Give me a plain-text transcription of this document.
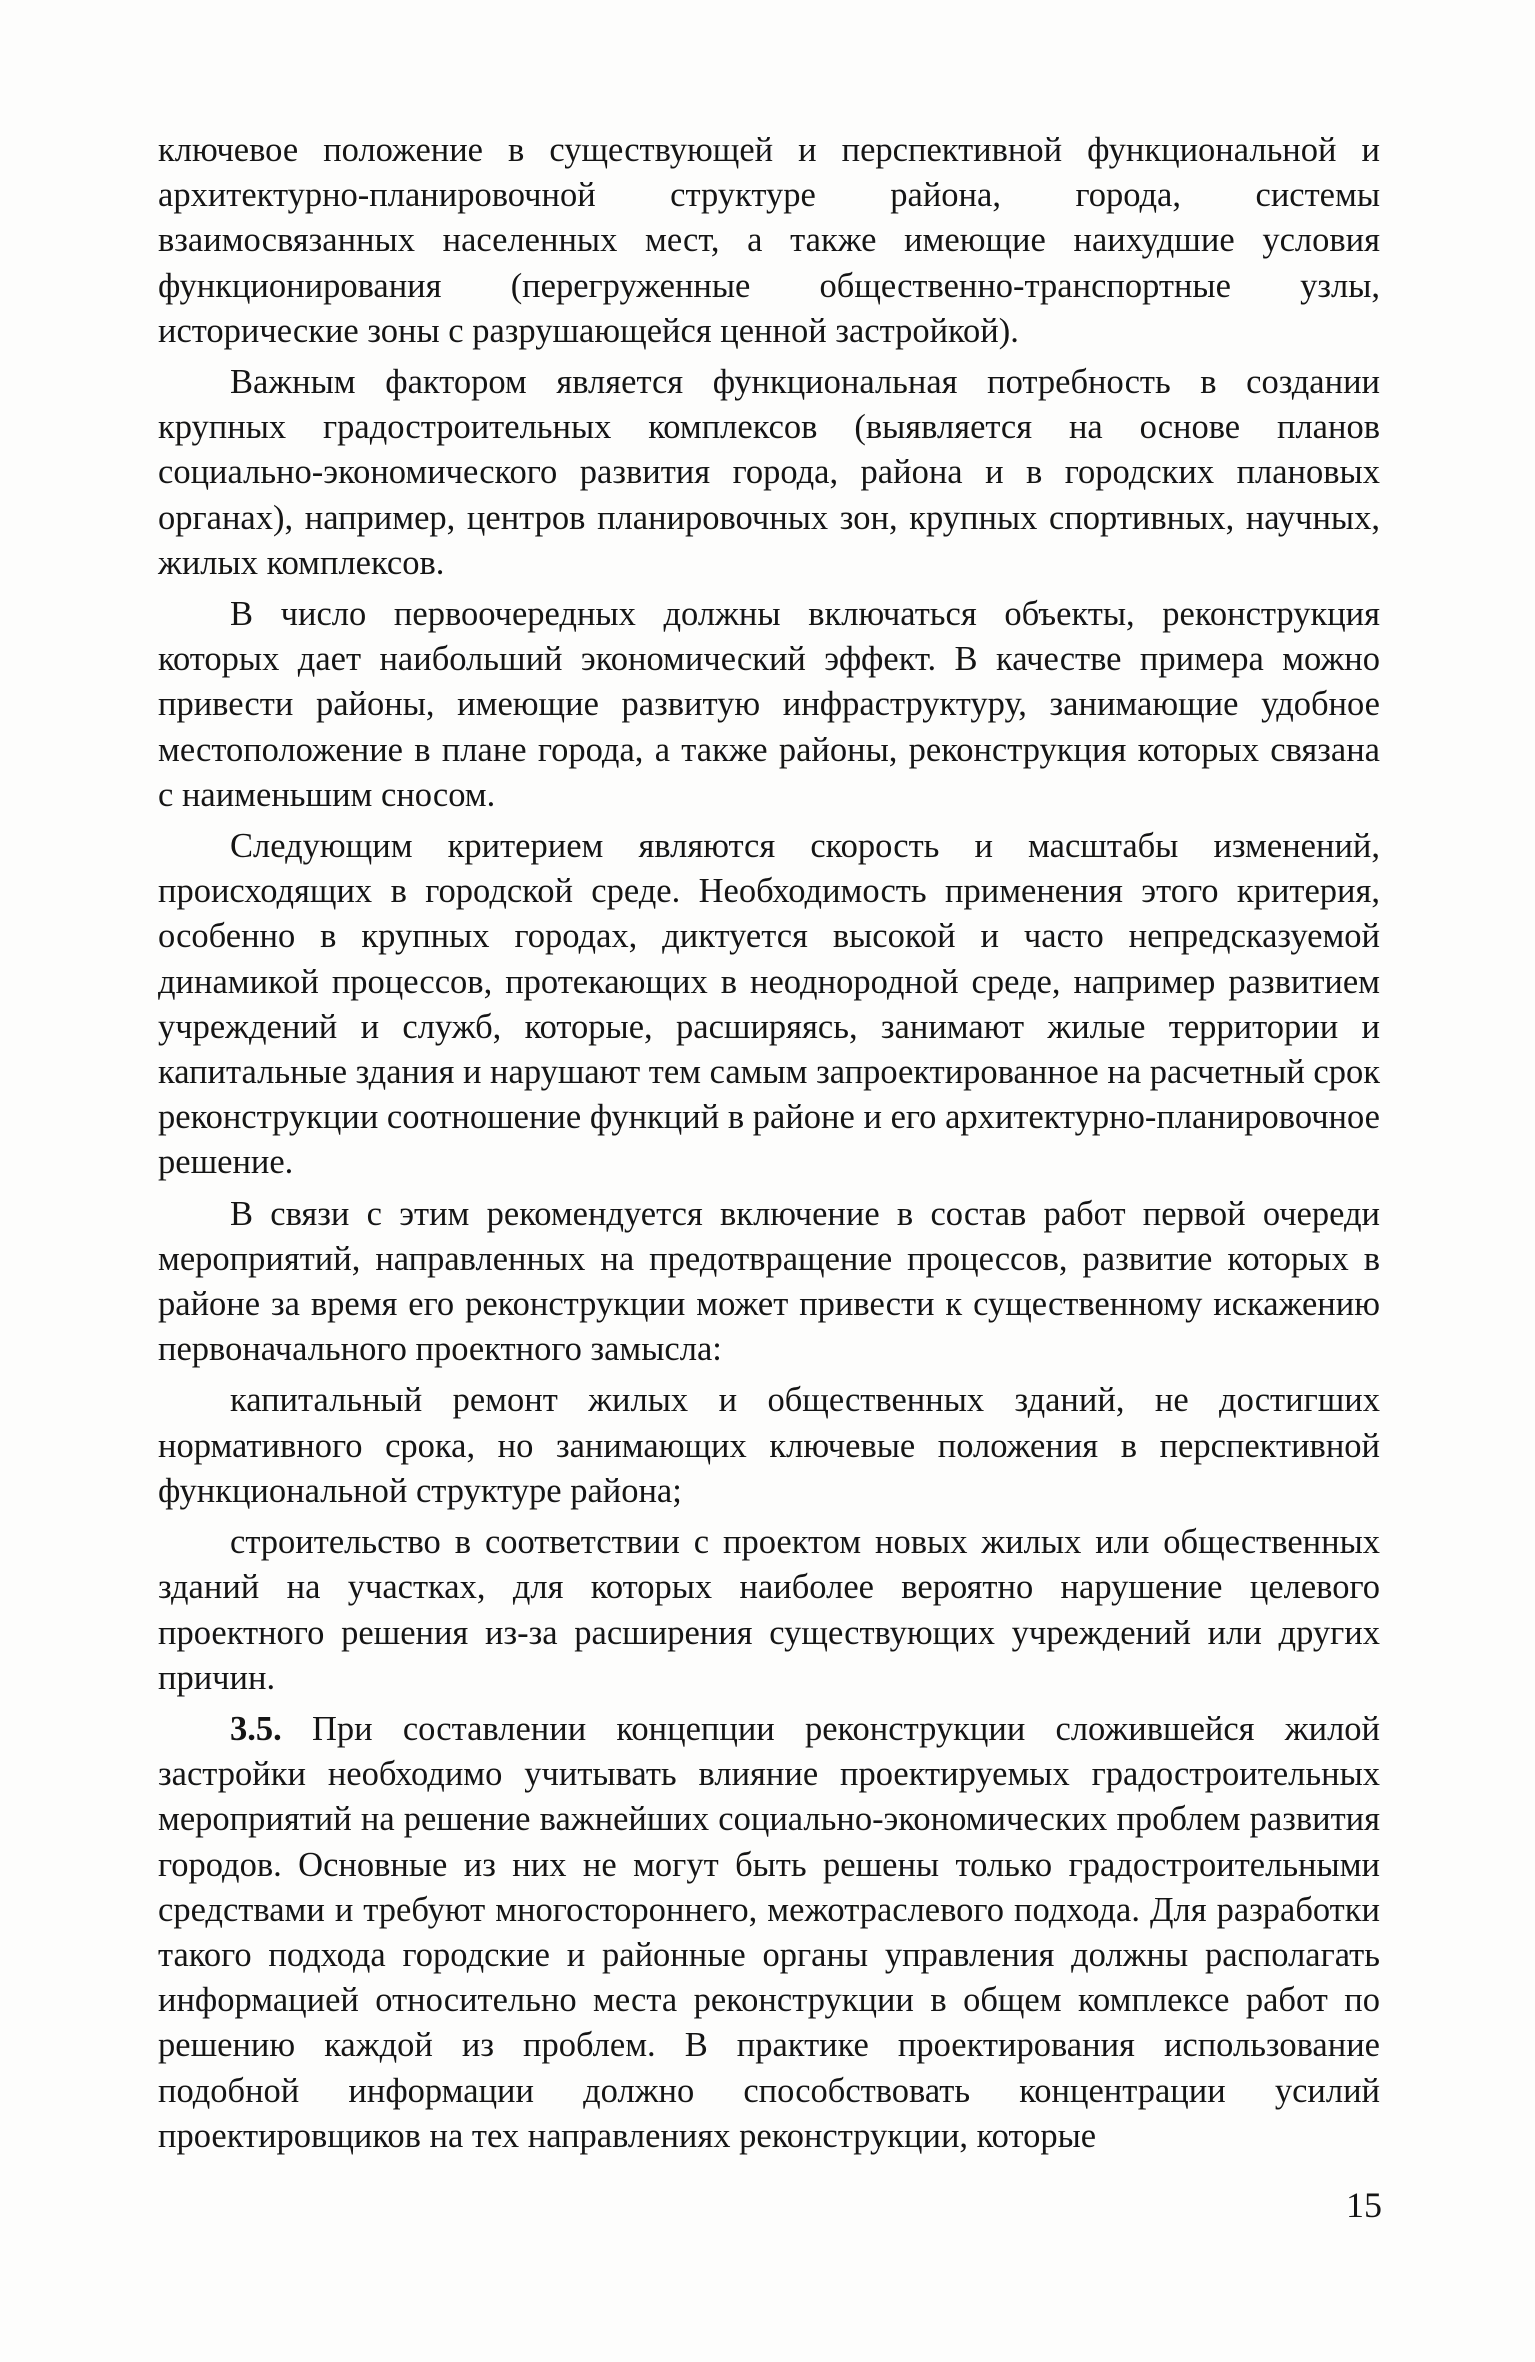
ключевое положение в существующей и перспективной функциональной и архитектурно-планировочной структуре района, города, системы взаимосвязанных населенных мест, а также имеющие наихудшие условия функционирования (перегруженные общественно-транспортные узлы, исторические зоны с разрушающейся ценной застройкой).

Важным фактором является функциональная потребность в создании крупных градостроительных комплексов (выявляется на основе планов социально-экономического развития города, района и в городских плановых органах), например, центров планировочных зон, крупных спортивных, научных, жилых комплексов.

В число первоочередных должны включаться объекты, реконструкция которых дает наибольший экономический эффект. В качестве примера можно привести районы, имеющие развитую инфраструктуру, занимающие удобное местоположение в плане города, а также районы, реконструкция которых связана с наименьшим сносом.

Следующим критерием являются скорость и масштабы изменений, происходящих в городской среде. Необходимость применения этого критерия, особенно в крупных городах, диктуется высокой и часто непредсказуемой динамикой процессов, протекающих в неоднородной среде, например развитием учреждений и служб, которые, расширяясь, занимают жилые территории и капитальные здания и нарушают тем самым запроектированное на расчетный срок реконструкции соотношение функций в районе и его архитектурно-планировочное решение.

В связи с этим рекомендуется включение в состав работ первой очереди мероприятий, направленных на предотвращение процессов, развитие которых в районе за время его реконструкции может привести к существенному искажению первоначального проектного замысла:

капитальный ремонт жилых и общественных зданий, не достигших нормативного срока, но занимающих ключевые положения в перспективной функциональной структуре района;

строительство в соответствии с проектом новых жилых или общественных зданий на участках, для которых наиболее вероятно нарушение целевого проектного решения из-за расширения существующих учреждений или других причин.

3.5. При составлении концепции реконструкции сложившейся жилой застройки необходимо учитывать влияние проектируемых градостроительных мероприятий на решение важнейших социально-экономических проблем развития городов. Основные из них не могут быть решены только градостроительными средствами и требуют многостороннего, межотраслевого подхода. Для разработки такого подхода городские и районные органы управления должны располагать информацией относительно места реконструкции в общем комплексе работ по решению каждой из проблем. В практике проектирования использование подобной информации должно способствовать концентрации усилий проектировщиков на тех направлениях реконструкции, которые

15
